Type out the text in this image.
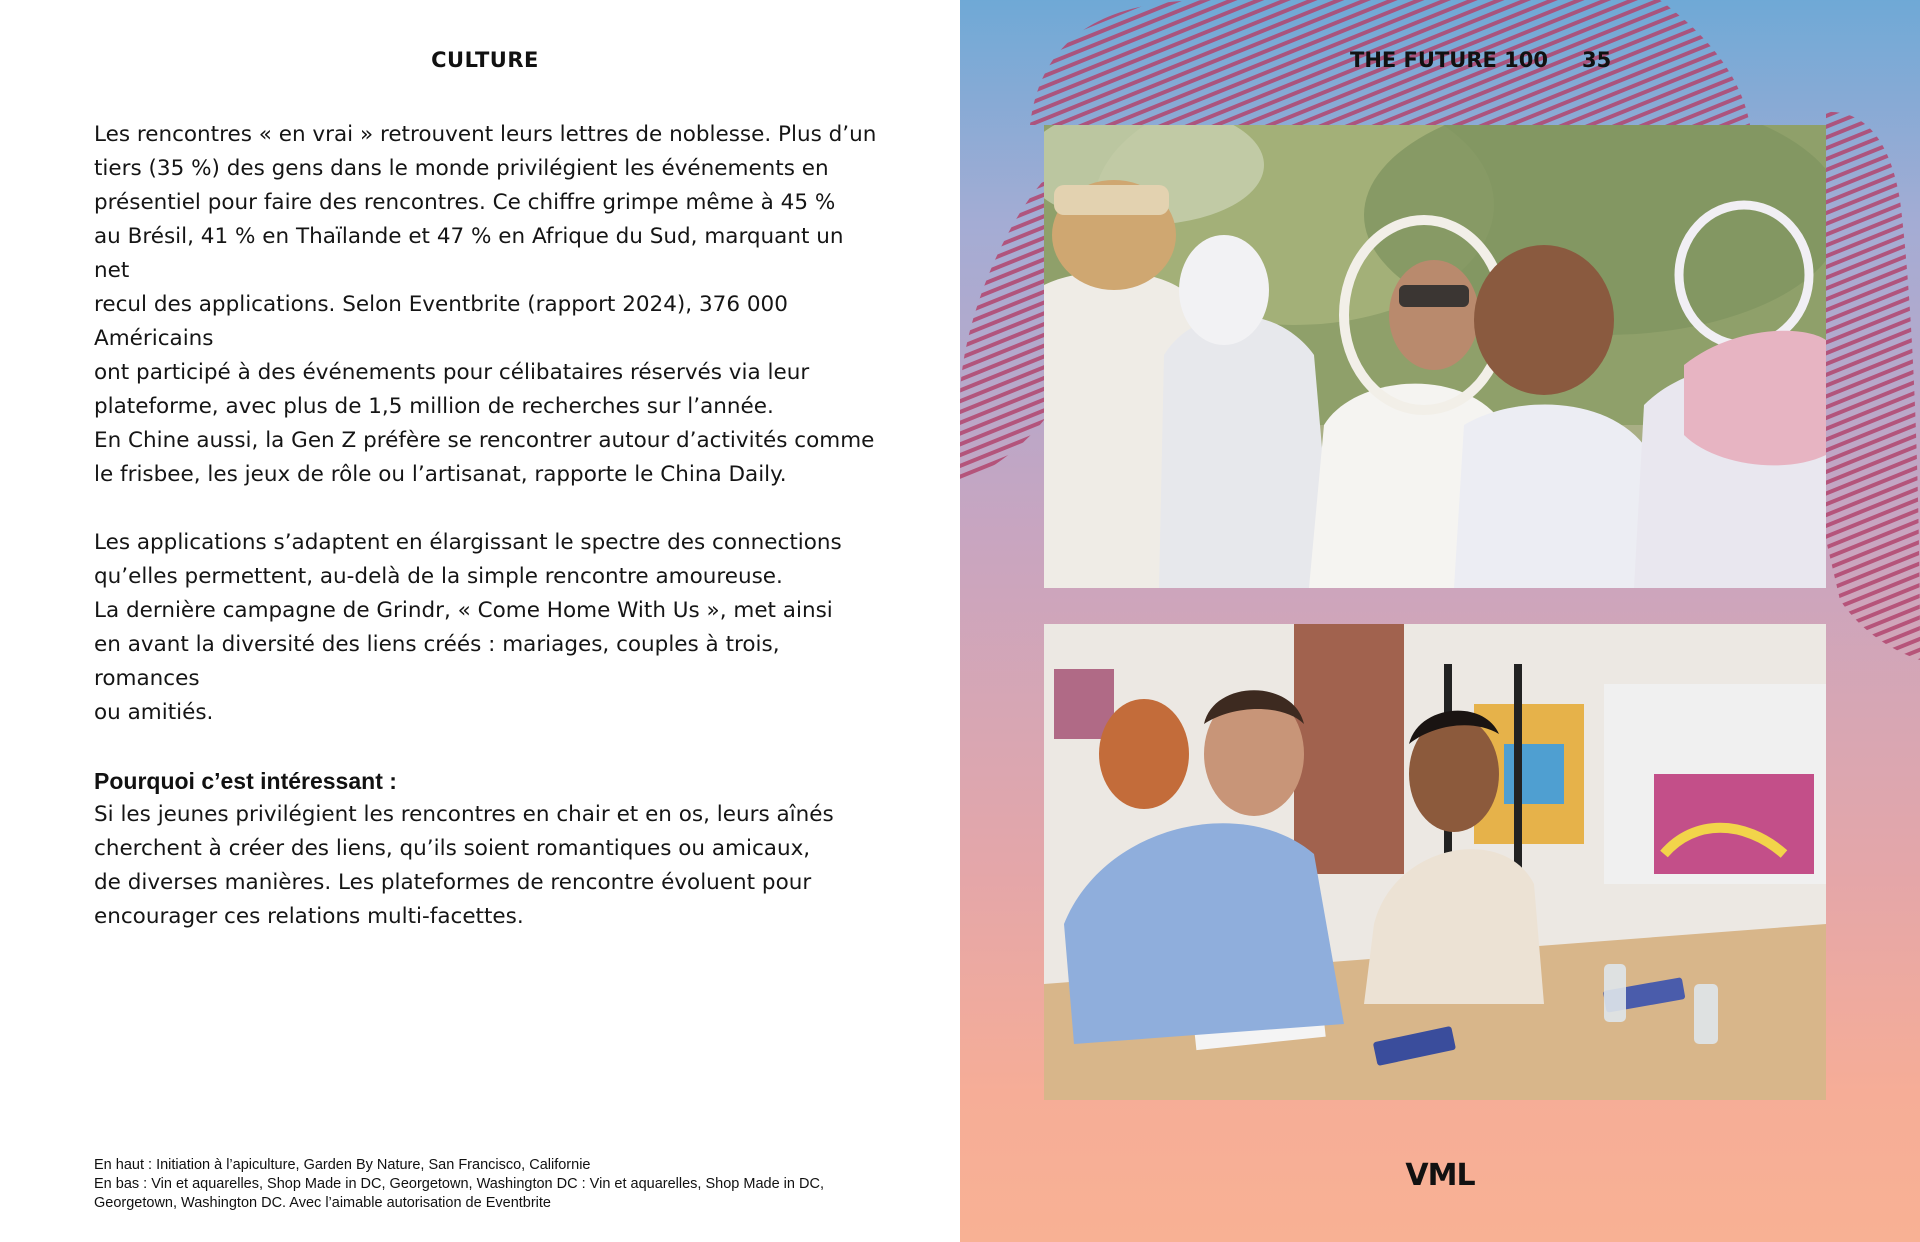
CULTURE

Les rencontres « en vrai » retrouvent leurs lettres de noblesse. Plus d’un

tiers (35 %) des gens dans le monde privilégient les événements en

présentiel pour faire des rencontres. Ce chiffre grimpe même à 45 %

au Brésil, 41 % en Thaïlande et 47 % en Afrique du Sud, marquant un net

recul des applications. Selon Eventbrite (rapport 2024), 376 000 Américains

ont participé à des événements pour célibataires réservés via leur

plateforme, avec plus de 1,5 million de recherches sur l’année.

En Chine aussi, la Gen Z préfère se rencontrer autour d’activités comme

le frisbee, les jeux de rôle ou l’artisanat, rapporte le China Daily.

Les applications s’adaptent en élargissant le spectre des connections

qu’elles permettent, au-delà de la simple rencontre amoureuse.

La dernière campagne de Grindr, « Come Home With Us », met ainsi

en avant la diversité des liens créés : mariages, couples à trois, romances

ou amitiés.

Pourquoi c’est intéressant :

Si les jeunes privilégient les rencontres en chair et en os, leurs aînés

cherchent à créer des liens, qu’ils soient romantiques ou amicaux,

de diverses manières. Les plateformes de rencontre évoluent pour

encourager ces relations multi-facettes.

En haut : Initiation à l’apiculture, Garden By Nature, San Francisco, Californie

En bas : Vin et aquarelles, Shop Made in DC, Georgetown, Washington DC : Vin et aquarelles, Shop Made in DC,

Georgetown, Washington DC. Avec l’aimable autorisation de Eventbrite

THE FUTURE 100 35

VML
